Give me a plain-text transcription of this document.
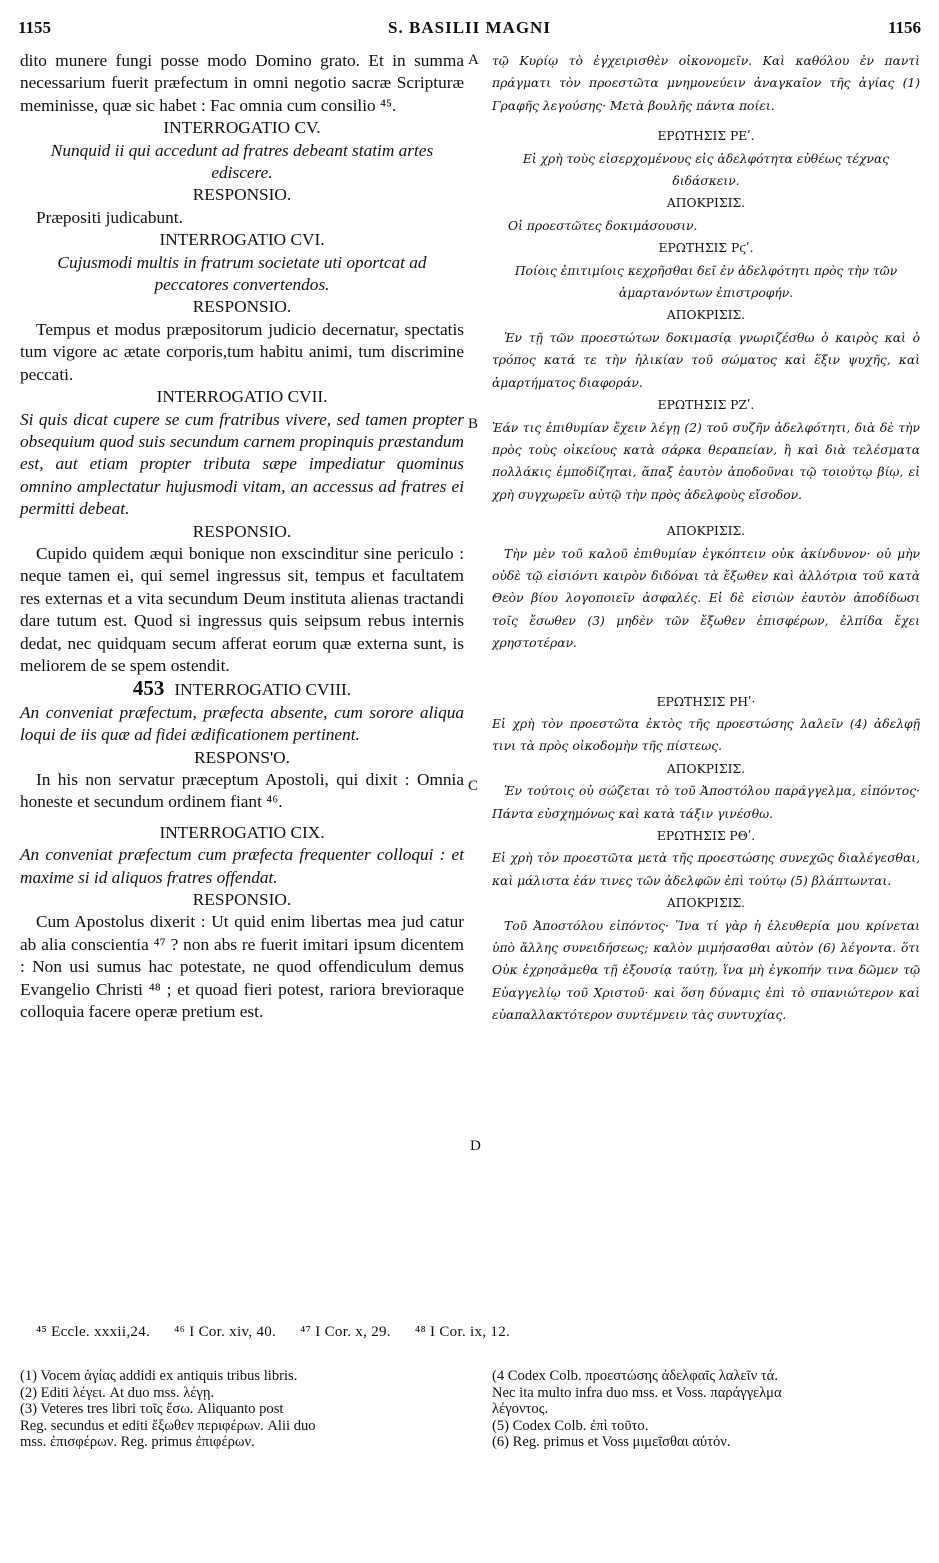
1155	S. BASILII MAGNI	1156

dito munere fungi posse modo Domino grato. Et in summa necessarium fuerit præfectum in omni negotio sacræ Scripturæ meminisse, quæ sic habet : Fac omnia cum consilio ⁴⁵.

INTERROGATIO CV.

Nunquid ii qui accedunt ad fratres debeant statim artes ediscere.

RESPONSIO.

Præpositi judicabunt.

INTERROGATIO CVI.

Cujusmodi multis in fratrum societate uti oportcat ad peccatores convertendos.

RESPONSIO.

Tempus et modus præpositorum judicio decernatur, spectatis tum vigore ac ætate corporis,tum habitu animi, tum discrimine peccati.

INTERROGATIO CVII.

Si quis dicat cupere se cum fratribus vivere, sed tamen propter obsequium quod suis secundum carnem propinquis præstandum est, aut etiam propter tributa sæpe impediatur quominus omnino amplectatur hujusmodi vitam, an accessus ad fratres ei permitti debeat.

RESPONSIO.

Cupido quidem æqui bonique non exscinditur sine periculo : neque tamen ei, qui semel ingressus sit, tempus et facultatem res externas et a vita secundum Deum instituta alienas tractandi dare tutum est. Quod si ingressus quis seipsum rebus internis dedat, nec quidquam secum afferat eorum quæ externa sunt, is meliorem de se spem ostendit.

453 INTERROGATIO CVIII.

An conveniat præfectum, præfecta absente, cum sorore aliqua loqui de iis quæ ad fidei ædificationem pertinent.

RESPONS'O.

In his non servatur præceptum Apostoli, qui dixit : Omnia honeste et secundum ordinem fiant ⁴⁶.

INTERROGATIO CIX.

An conveniat præfectum cum præfecta frequenter colloqui : et maxime si id aliquos fratres offendat.

RESPONSIO.

Cum Apostolus dixerit : Ut quid enim libertas mea jud catur ab alia conscientia ⁴⁷ ? non abs re fuerit imitari ipsum dicentem : Non usi sumus hac potestate, ne quod offendiculum demus Evangelio Christi ⁴⁸ ; et quoad fieri potest, rariora brevioraque colloquia facere operæ pretium est.

A
B
C
D

τῷ Κυρίῳ τὸ ἐγχειρισθὲν οἰκονομεῖν. Καὶ καθόλου ἐν παντὶ πράγματι τὸν προεστῶτα μνημονεύειν ἀναγκαῖον τῆς ἁγίας (1) Γραφῆς λεγούσης· Μετὰ βουλῆς πάντα ποίει.

ΕΡΩΤΗΣΙΣ ΡΕʹ.

Εἰ χρὴ τοὺς εἰσερχομένους εἰς ἀδελφότητα εὐθέως τέχνας διδάσκειν.

ΑΠΟΚΡΙΣΙΣ.

Οἱ προεστῶτες δοκιμάσουσιν.

ΕΡΩΤΗΣΙΣ Ρϛʹ.

Ποίοις ἐπιτιμίοις κεχρῆσθαι δεῖ ἐν ἀδελφότητι πρὸς τὴν τῶν ἁμαρτανόντων ἐπιστροφήν.

ΑΠΟΚΡΙΣΙΣ.

Ἐν τῇ τῶν προεστώτων δοκιμασίᾳ γνωριζέσθω ὁ καιρὸς καὶ ὁ τρόπος κατά τε τὴν ἡλικίαν τοῦ σώματος καὶ ἕξιν ψυχῆς, καὶ ἁμαρτήματος διαφοράν.

ΕΡΩΤΗΣΙΣ ΡΖʹ.

Ἐάν τις ἐπιθυμίαν ἔχειν λέγῃ (2) τοῦ συζῆν ἀδελφότητι, διὰ δὲ τὴν πρὸς τοὺς οἰκείους κατὰ σάρκα θεραπείαν, ἢ καὶ διὰ τελέσματα πολλάκις ἐμποδίζηται, ἅπαξ ἑαυτὸν ἀποδοῦναι τῷ τοιούτῳ βίῳ, εἰ χρὴ συγχωρεῖν αὐτῷ τὴν πρὸς ἀδελφοὺς εἴσοδον.

ΑΠΟΚΡΙΣΙΣ.

Τὴν μὲν τοῦ καλοῦ ἐπιθυμίαν ἐγκόπτειν οὐκ ἀκίνδυνον· οὐ μὴν οὐδὲ τῷ εἰσιόντι καιρὸν διδόναι τὰ ἔξωθεν καὶ ἀλλότρια τοῦ κατὰ Θεὸν βίου λογοποιεῖν ἀσφαλές. Εἰ δὲ εἰσιὼν ἑαυτὸν ἀποδίδωσι τοῖς ἔσωθεν (3) μηδὲν τῶν ἔξωθεν ἐπισφέρων, ἐλπίδα ἔχει χρηστοτέραν.

ΕΡΩΤΗΣΙΣ ΡΗʹ·

Εἰ χρὴ τὸν προεστῶτα ἐκτὸς τῆς προεστώσης λαλεῖν (4) ἀδελφῇ τινι τὰ πρὸς οἰκοδομὴν τῆς πίστεως.

ΑΠΟΚΡΙΣΙΣ.

Ἐν τούτοις οὐ σώζεται τὸ τοῦ Ἀποστόλου παράγγελμα, εἰπόντος· Πάντα εὐσχημόνως καὶ κατὰ τάξιν γινέσθω.

ΕΡΩΤΗΣΙΣ ΡΘʹ.

Εἰ χρὴ τὸν προεστῶτα μετὰ τῆς προεστώσης συνεχῶς διαλέγεσθαι, καὶ μάλιστα ἐάν τινες τῶν ἀδελφῶν ἐπὶ τούτῳ (5) βλάπτωνται.

ΑΠΟΚΡΙΣΙΣ.

Τοῦ Ἀποστόλου εἰπόντος· Ἵνα τί γὰρ ἡ ἐλευθερία μου κρίνεται ὑπὸ ἄλλης συνειδήσεως; καλὸν μιμήσασθαι αὐτὸν (6) λέγοντα. ὅτι Οὐκ ἐχρησάμεθα τῇ ἐξουσίᾳ ταύτῃ, ἵνα μὴ ἐγκοπήν τινα δῶμεν τῷ Εὐαγγελίῳ τοῦ Χριστοῦ· καὶ ὅση δύναμις ἐπὶ τὸ σπανιώτερον καὶ εὐαπαλλακτότερον συντέμνειν τὰς συντυχίας.

⁴⁵ Eccle. xxxii,24. ⁴⁶ I Cor. xiv, 40. ⁴⁷ I Cor. x, 29. ⁴⁸ I Cor. ix, 12.
(1) Vocem ἁγίας addidi ex antiquis tribus libris.
(2) Editi λέγει. At duo mss. λέγῃ.
(3) Veteres tres libri τοῖς ἔσω. Aliquanto post
Reg. secundus et editi ἔξωθεν περιφέρων. Alii duo
mss. ἐπισφέρων. Reg. primus ἐπιφέρων.
(4 Codex Colb. προεστώσης ἀδελφαῖς λαλεῖν τά.
Nec ita multo infra duo mss. et Voss. παράγγελμα
λέγοντος.
(5) Codex Colb. ἐπὶ τοῦτο.
(6) Reg. primus et Voss μιμεῖσθαι αὐτόν.
